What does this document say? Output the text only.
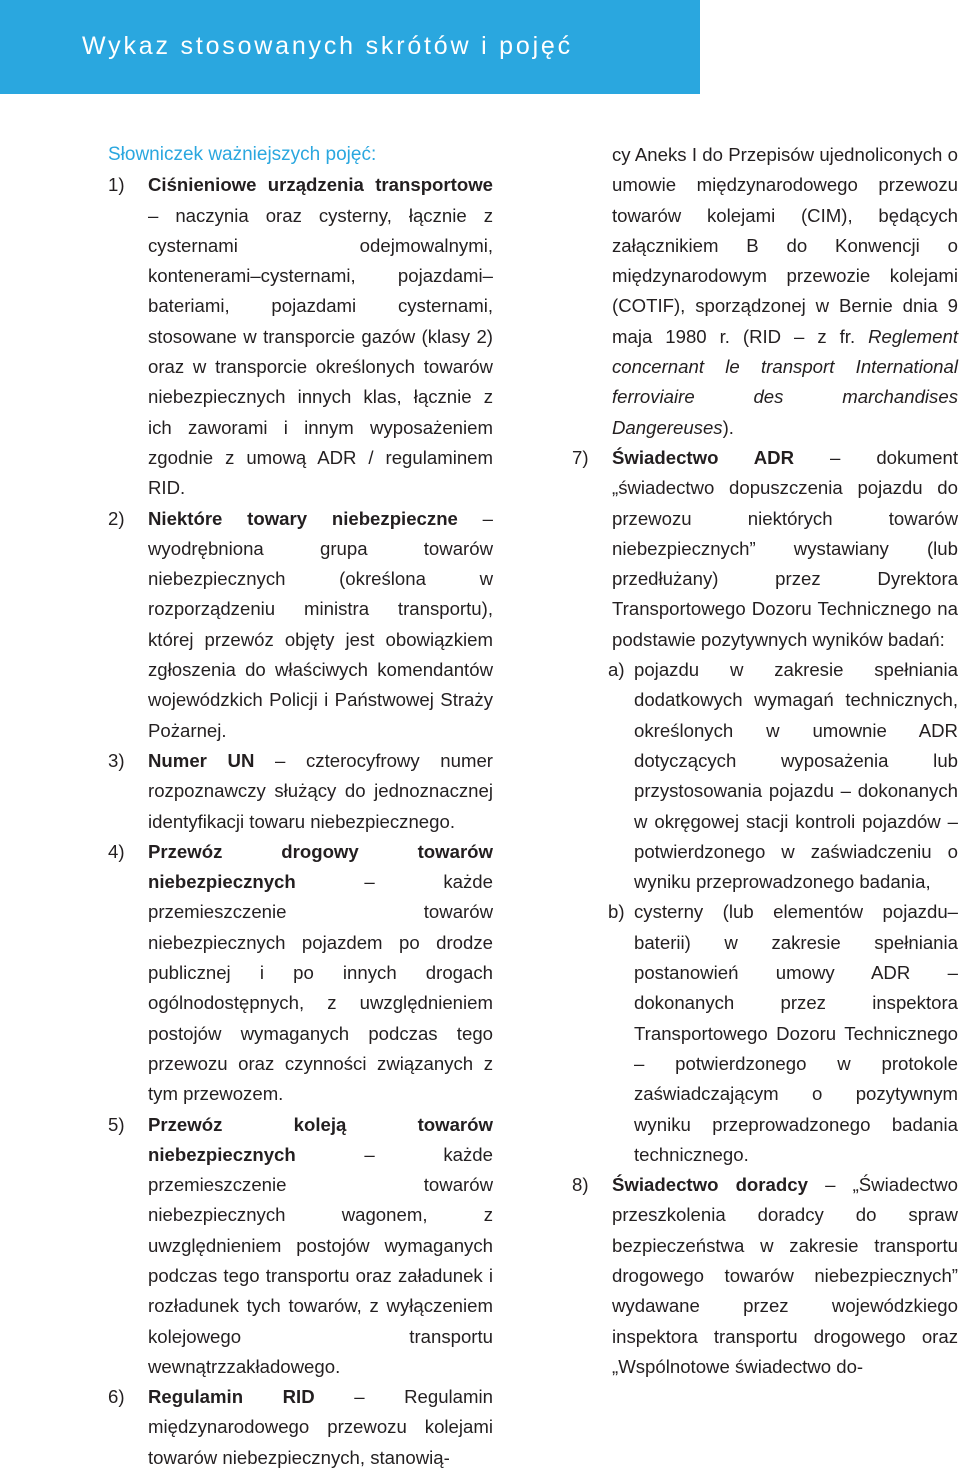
Wykaz stosowanych skrótów i pojęć

Słowniczek ważniejszych pojęć:

1) Ciśnieniowe urządzenia transportowe – naczynia oraz cysterny, łącznie z cysternami odejmowalnymi, kontenerami–cysternami, pojazdami–bateriami, pojazdami cysternami, stosowane w transporcie gazów (klasy 2) oraz w transporcie określonych towarów niebezpiecznych innych klas, łącznie z ich zaworami i innym wyposażeniem zgodnie z umową ADR / regulaminem RID.
2) Niektóre towary niebezpieczne – wyodrębniona grupa towarów niebezpiecznych (określona w rozporządzeniu ministra transportu), której przewóz objęty jest obowiązkiem zgłoszenia do właściwych komendantów wojewódzkich Policji i Państwowej Straży Pożarnej.
3) Numer UN – czterocyfrowy numer rozpoznawczy służący do jednoznacznej identyfikacji towaru niebezpiecznego.
4) Przewóz drogowy towarów niebezpiecznych – każde przemieszczenie towarów niebezpiecznych pojazdem po drodze publicznej i po innych drogach ogólnodostępnych, z uwzględnieniem postojów wymaganych podczas tego przewozu oraz czynności związanych z tym przewozem.
5) Przewóz koleją towarów niebezpiecznych – każde przemieszczenie towarów niebezpiecznych wagonem, z uwzględnieniem postojów wymaganych podczas tego transportu oraz załadunek i rozładunek tych towarów, z wyłączeniem kolejowego transportu wewnątrzzakładowego.
6) Regulamin RID – Regulamin międzynarodowego przewozu kolejami towarów niebezpiecznych, stanowią-

cy Aneks I do Przepisów ujednoliconych o umowie międzynarodowego przewozu towarów kolejami (CIM), będących załącznikiem B do Konwencji o międzynarodowym przewozie kolejami (COTIF), sporządzonej w Bernie dnia 9 maja 1980 r. (RID – z fr. Reglement concernant le transport International ferroviaire des marchandises Dangereuses).

7) Świadectwo ADR – dokument „świadectwo dopuszczenia pojazdu do przewozu niektórych towarów niebezpiecznych” wystawiany (lub przedłużany) przez Dyrektora Transportowego Dozoru Technicznego na podstawie pozytywnych wyników badań:
a) pojazdu w zakresie spełniania dodatkowych wymagań technicznych, określonych w umownie ADR dotyczących wyposażenia lub przystosowania pojazdu – dokonanych w okręgowej stacji kontroli pojazdów – potwierdzonego w zaświadczeniu o wyniku przeprowadzonego badania,
b) cysterny (lub elementów pojazdu–baterii) w zakresie spełniania postanowień umowy ADR – dokonanych przez inspektora Transportowego Dozoru Technicznego – potwierdzonego w protokole zaświadczającym o pozytywnym wyniku przeprowadzonego badania technicznego.
8) Świadectwo doradcy – „Świadectwo przeszkolenia doradcy do spraw bezpieczeństwa w zakresie transportu drogowego towarów niebezpiecznych” wydawane przez wojewódzkiego inspektora transportu drogowego oraz „Wspólnotowe świadectwo do-
